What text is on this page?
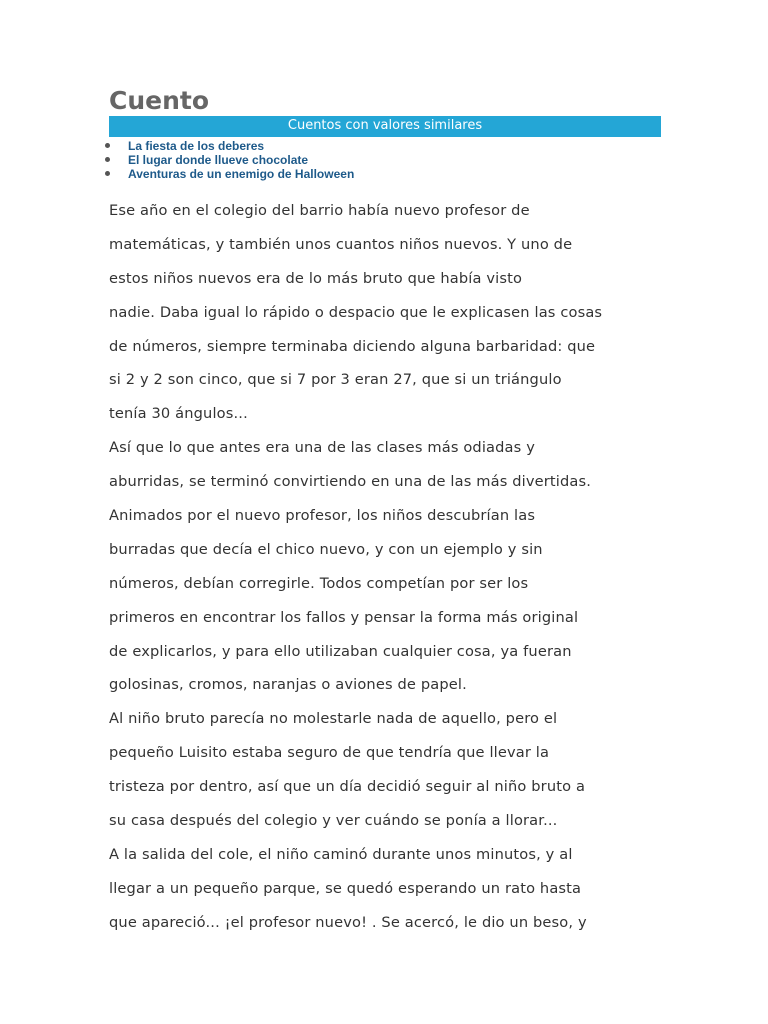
Cuento
Cuentos con valores similares
La fiesta de los deberes
El lugar donde llueve chocolate
Aventuras de un enemigo de Halloween
Ese año en el colegio del barrio había nuevo profesor de
matemáticas, y también unos cuantos niños nuevos. Y uno de
estos niños nuevos era de lo más bruto que había visto
nadie. Daba igual lo rápido o despacio que le explicasen las cosas
de números, siempre terminaba diciendo alguna barbaridad: que
si 2 y 2 son cinco, que si 7 por 3 eran 27, que si un triángulo
tenía 30 ángulos...
Así que lo que antes era una de las clases más odiadas y
aburridas, se terminó convirtiendo en una de las más divertidas.
Animados por el nuevo profesor, los niños descubrían las
burradas que decía el chico nuevo, y con un ejemplo y sin
números, debían corregirle. Todos competían por ser los
primeros en encontrar los fallos y pensar la forma más original
de explicarlos, y para ello utilizaban cualquier cosa, ya fueran
golosinas, cromos, naranjas o aviones de papel.
Al niño bruto parecía no molestarle nada de aquello, pero el
pequeño Luisito estaba seguro de que tendría que llevar la
tristeza por dentro, así que un día decidió seguir al niño bruto a
su casa después del colegio y ver cuándo se ponía a llorar...
A la salida del cole, el niño caminó durante unos minutos, y al
llegar a un pequeño parque, se quedó esperando un rato hasta
que apareció... ¡el profesor nuevo! . Se acercó, le dio un beso, y
